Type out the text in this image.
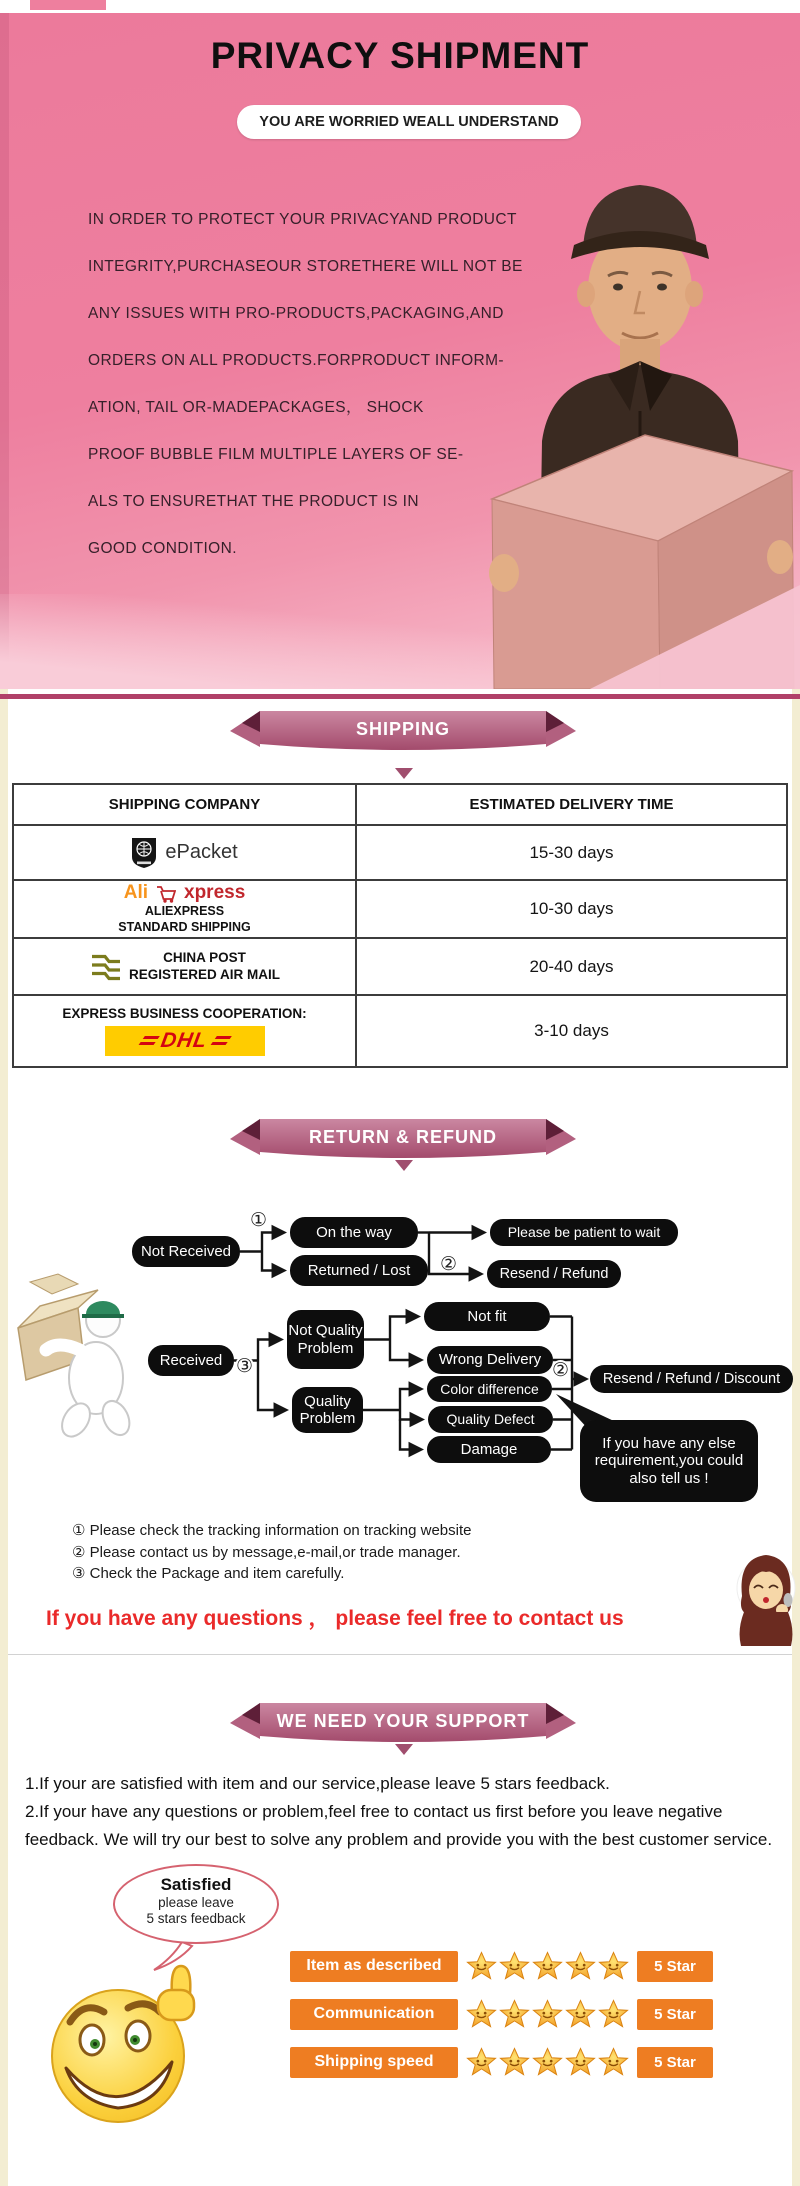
PRIVACY SHIPMENT
YOU ARE WORRIED WEALL UNDERSTAND
IN ORDER TO PROTECT YOUR PRIVACYAND PRODUCT
INTEGRITY,PURCHASEOUR STORETHERE WILL NOT BE
ANY ISSUES WITH PRO-PRODUCTS,PACKAGING,AND
ORDERS ON ALL PRODUCTS.FORPRODUCT INFORM-
ATION, TAIL OR-MADEPACKAGES， SHOCK
PROOF BUBBLE FILM MULTIPLE LAYERS OF SE-
ALS TO ENSURETHAT THE PRODUCT IS IN
GOOD CONDITION.
SHIPPING
SHIPPING COMPANY	ESTIMATED DELIVERY TIME
ePacket	15-30 days
Ali xpress
ALIEXPRESS
STANDARD SHIPPING
10-30 days
CHINA POST
REGISTERED AIR MAIL	20-40 days
EXPRESS BUSINESS COOPERATION:
DHL	3-10 days
RETURN & REFUND
①
②
③	②
Not Received
On the way
Returned / Lost
Please be patient to wait
Resend / Refund
Received
Not Quality Problem
Quality Problem
Not fit
Wrong Delivery
Color difference
Quality Defect
Damage
Resend / Refund / Discount
If you have any else requirement,you could also tell us !
① Please check the tracking information on tracking website
② Please contact us by message,e-mail,or trade manager.
③ Check the Package and item carefully.
If you have any questions ， please feel free to contact us
WE NEED YOUR SUPPORT
1.If your are satisfied with item and our service,please leave 5 stars feedback.
2.If your have any questions or problem,feel free to contact us first before you leave negative feedback. We will try our best to solve any problem and provide you with the best customer service.
Satisfied
please leave
5 stars feedback
Item as described	5 Star
Communication	5 Star
Shipping speed	5 Star
